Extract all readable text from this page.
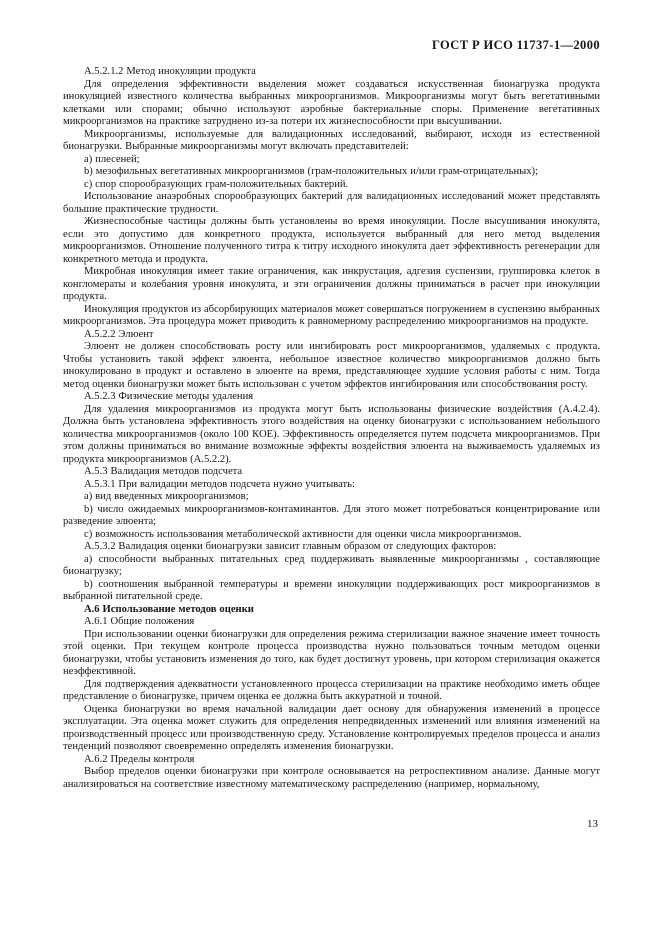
ГОСТ Р ИСО 11737-1—2000

А.5.2.1.2 Метод инокуляции продукта

Для определения эффективности выделения может создаваться искусственная бионагрузка продукта инокуляцией известного количества выбранных микроорганизмов. Микроорганизмы могут быть вегетативными клетками или спорами; обычно используют аэробные бактериальные споры. Применение вегетативных микроорганизмов на практике затруднено из-за потери их жизнеспособности при высушивании.

Микроорганизмы, используемые для валидационных исследований, выбирают, исходя из естественной бионагрузки. Выбранные микроорганизмы могут включать представителей:

a) плесеней;

b) мезофильных вегетативных микроорганизмов (грам-положительных и/или грам-отрицательных);

c) спор спорообразующих грам-положительных бактерий.

Использование анаэробных спорообразующих бактерий для валидационных исследований может представлять большие практические трудности.

Жизнеспособные частицы должны быть установлены во время инокуляции. После высушивания инокулята, если это допустимо для конкретного продукта, используется выбранный для него метод выделения микроорганизмов. Отношение полученного титра к титру исходного инокулята дает эффективность регенерации для конкретного метода и продукта.

Микробная инокуляция имеет такие ограничения, как инкрустация, адгезия суспензии, группировка клеток в конгломераты и колебания уровня инокулята, и эти ограничения должны приниматься в расчет при инокуляции продукта.

Инокуляция продуктов из абсорбирующих материалов может совершаться погружением в суспензию выбранных микроорганизмов. Эта процедура может приводить к равномерному распределению микроорганизмов на продукте.

А.5.2.2 Элюент

Элюент не должен способствовать росту или ингибировать рост микроорганизмов, удаляемых с продукта. Чтобы установить такой эффект элюента, небольшое известное количество микроорганизмов должно быть инокулировано в продукт и оставлено в элюенте на время, представляющее худшие условия работы с ним. Тогда метод оценки бионагрузки может быть использован с учетом эффектов ингибирования или способствования росту.

А.5.2.3 Физические методы удаления

Для удаления микроорганизмов из продукта могут быть использованы физические воздействия (А.4.2.4). Должна быть установлена эффективность этого воздействия на оценку бионагрузки с использованием небольшого количества микроорганизмов (около 100 КОЕ). Эффективность определяется путем подсчета микроорганизмов. При этом должны приниматься во внимание возможные эффекты воздействия элюента на выживаемость удаляемых из продукта микроорганизмов (А.5.2.2).

А.5.3 Валидация методов подсчета

А.5.3.1 При валидации методов подсчета нужно учитывать:

a) вид введенных микроорганизмов;

b) число ожидаемых микроорганизмов-контаминантов. Для этого может потребоваться концентрирование или разведение элюента;

c) возможность использования метаболической активности для оценки числа микроорганизмов.

А.5.3.2 Валидация оценки бионагрузки зависит главным образом от следующих факторов:

a) способности выбранных питательных сред поддерживать выявленные микроорганизмы , составляющие бионагрузку;

b) соотношения выбранной температуры и времени инокуляции поддерживающих рост микроорганизмов в выбранной питательной среде.

А.6 Использование методов оценки

А.6.1 Общие положения

При использовании оценки бионагрузки для определения режима стерилизации важное значение имеет точность этой оценки. При текущем контроле процесса производства нужно пользоваться точным методом оценки бионагрузки, чтобы установить изменения до того, как будет достигнут уровень, при котором стерилизация окажется неэффективной.

Для подтверждения адекватности установленного процесса стерилизации на практике необходимо иметь общее представление о бионагрузке, причем оценка ее должна быть аккуратной и точной.

Оценка бионагрузки во время начальной валидации дает основу для обнаружения изменений в процессе эксплуатации. Эта оценка может служить для определения непредвиденных изменений или влияния изменений на производственный процесс или производственную среду. Установление контролируемых пределов процесса и анализ тенденций позволяют своевременно определять изменения бионагрузки.

А.6.2 Пределы контроля

Выбор пределов оценки бионагрузки при контроле основывается на ретроспективном анализе. Данные могут анализироваться на соответствие известному математическому распределению (например, нормальному,

13
